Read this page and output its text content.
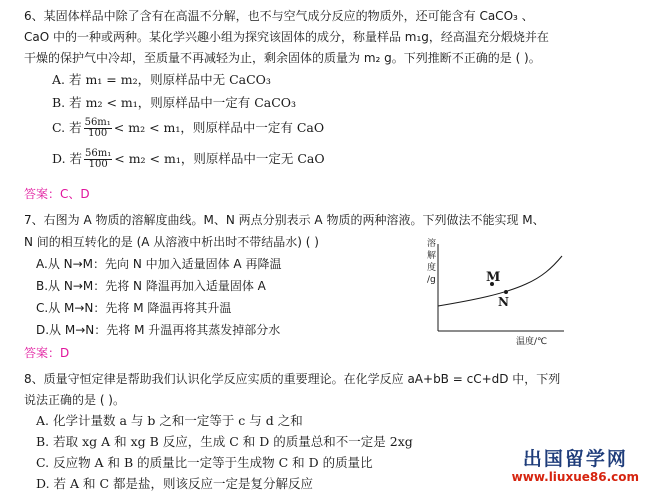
6、某固体样品中除了含有在高温不分解，也不与空气成分反应的物质外，还可能含有 CaCO₃ 、
CaO 中的一种或两种。某化学兴趣小组为探究该固体的成分，称量样品 m₁g，经高温充分煅烧并在
干燥的保护气中冷却，至质量不再减轻为止，剩余固体的质量为 m₂ g。下列推断不正确的是 ( )。
A. 若 m₁ = m₂，则原样品中无 CaCO₃
B. 若 m₂ < m₁，则原样品中一定有 CaCO₃
C. 若 $\frac{\text{56m₁}}{100} < m_2 < m_1$，则原样品中一定有 CaO
D. 若 $\frac{\text{56m₁}}{100} < m_2 < m_1$，则原样品中一定无 CaO
答案：C、D
7、右图为 A 物质的溶解度曲线。M、N 两点分别表示 A 物质的两种溶液。下列做法不能实现 M、
N 间的相互转化的是 (A 从溶液中析出时不带结晶水) ( )
A.从 N→M：先向 N 中加入适量固体 A 再降温
B.从 N→M：先将 N 降温再加入适量固体 A
C.从 M→N：先将 M 降温再将其升温
D.从 M→N：先将 M 升温再将其蒸发掉部分水
答案：D
溶
解
度
/g	M
N
温度/℃
8、质量守恒定律是帮助我们认识化学反应实质的重要理论。在化学反应 aA+bB = cC+dD 中，下列
说法正确的是 ( )。
A. 化学计量数 a 与 b 之和一定等于 c 与 d 之和
B. 若取 xg A 和 xg B 反应，生成 C 和 D 的质量总和不一定是 2xg
C. 反应物 A 和 B 的质量比一定等于生成物 C 和 D 的质量比
D. 若 A 和 C 都是盐，则该反应一定是复分解反应
出国留学网
www.liuxue86.com
